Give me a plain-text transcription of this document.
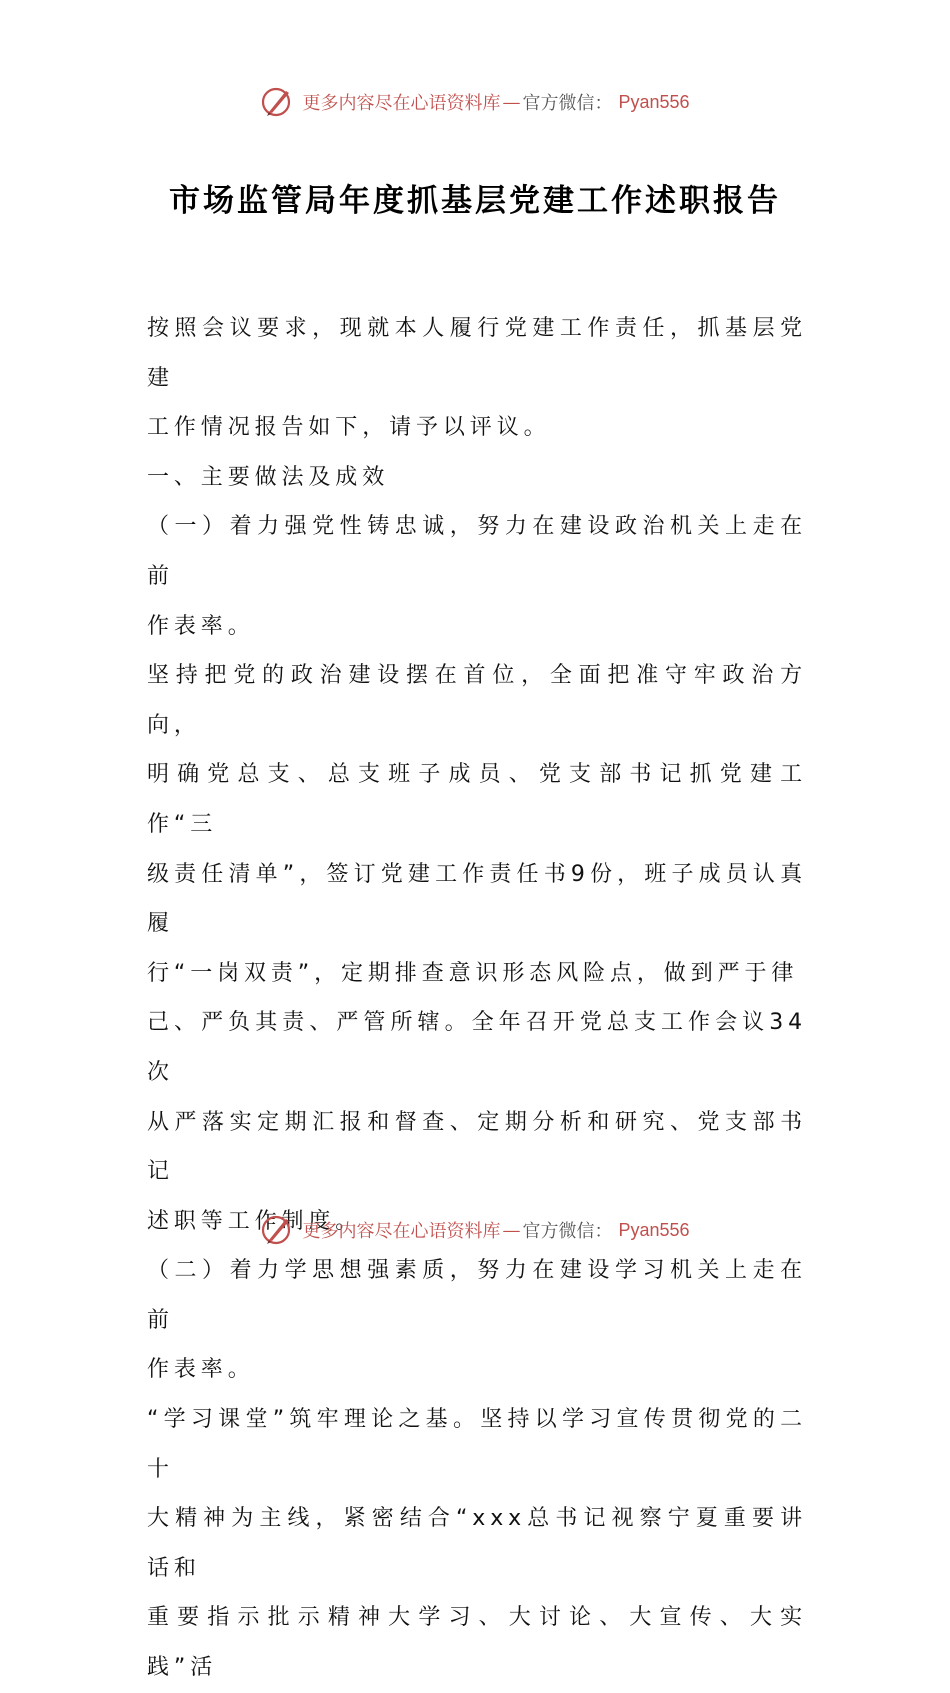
更多内容尽在心语资料库 — 官方微信： Pyan556
市场监管局年度抓基层党建工作述职报告

按照会议要求，现就本人履行党建工作责任，抓基层党建

工作情况报告如下，请予以评议。

一、主要做法及成效

（一）着力强党性铸忠诚，努力在建设政治机关上走在前

作表率。

坚持把党的政治建设摆在首位，全面把准守牢政治方向，

明确党总支、总支班子成员、党支部书记抓党建工作“三

级责任清单”，签订党建工作责任书9份，班子成员认真履

行“一岗双责”，定期排查意识形态风险点，做到严于律

己、严负其责、严管所辖。全年召开党总支工作会议34次

从严落实定期汇报和督查、定期分析和研究、党支部书记

述职等工作制度。

（二）着力学思想强素质，努力在建设学习机关上走在前

作表率。

“学习课堂”筑牢理论之基。坚持以学习宣传贯彻党的二十

大精神为主线，紧密结合“xxx总书记视察宁夏重要讲话和

重要指示批示精神大学习、大讨论、大宣传、大实践”活

更多内容尽在心语资料库 — 官方微信： Pyan556
